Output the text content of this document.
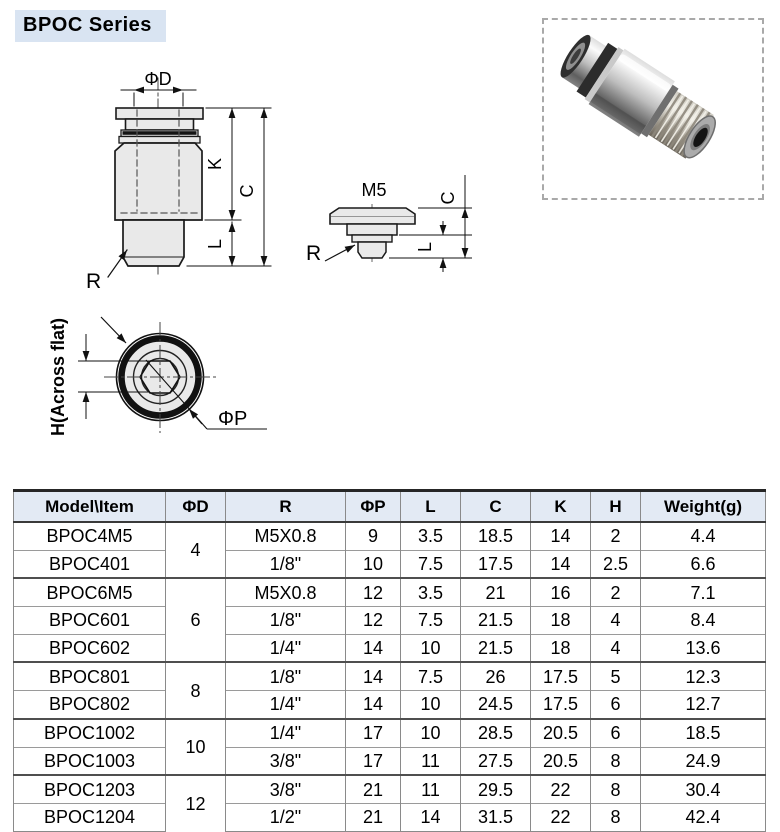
BPOC Series
ΦD
K
C
L
R
M5	C
L
R
H(Across flat)	ΦP
Model\Item	ΦD	R	ΦP	L	C	K	H	Weight(g)
BPOC4M5	4	M5X0.8	9	3.5	18.5	14	2	4.4
BPOC401		1/8"	10	7.5	17.5	14	2.5	6.6
BPOC6M5	6	M5X0.8	12	3.5	21	16	2	7.1
BPOC601		1/8"	12	7.5	21.5	18	4	8.4
BPOC602		1/4"	14	10	21.5	18	4	13.6
BPOC801	8	1/8"	14	7.5	26	17.5	5	12.3
BPOC802		1/4"	14	10	24.5	17.5	6	12.7
BPOC1002	10	1/4"	17	10	28.5	20.5	6	18.5
BPOC1003		3/8"	17	11	27.5	20.5	8	24.9
BPOC1203	12	3/8"	21	11	29.5	22	8	30.4
BPOC1204		1/2"	21	14	31.5	22	8	42.4
